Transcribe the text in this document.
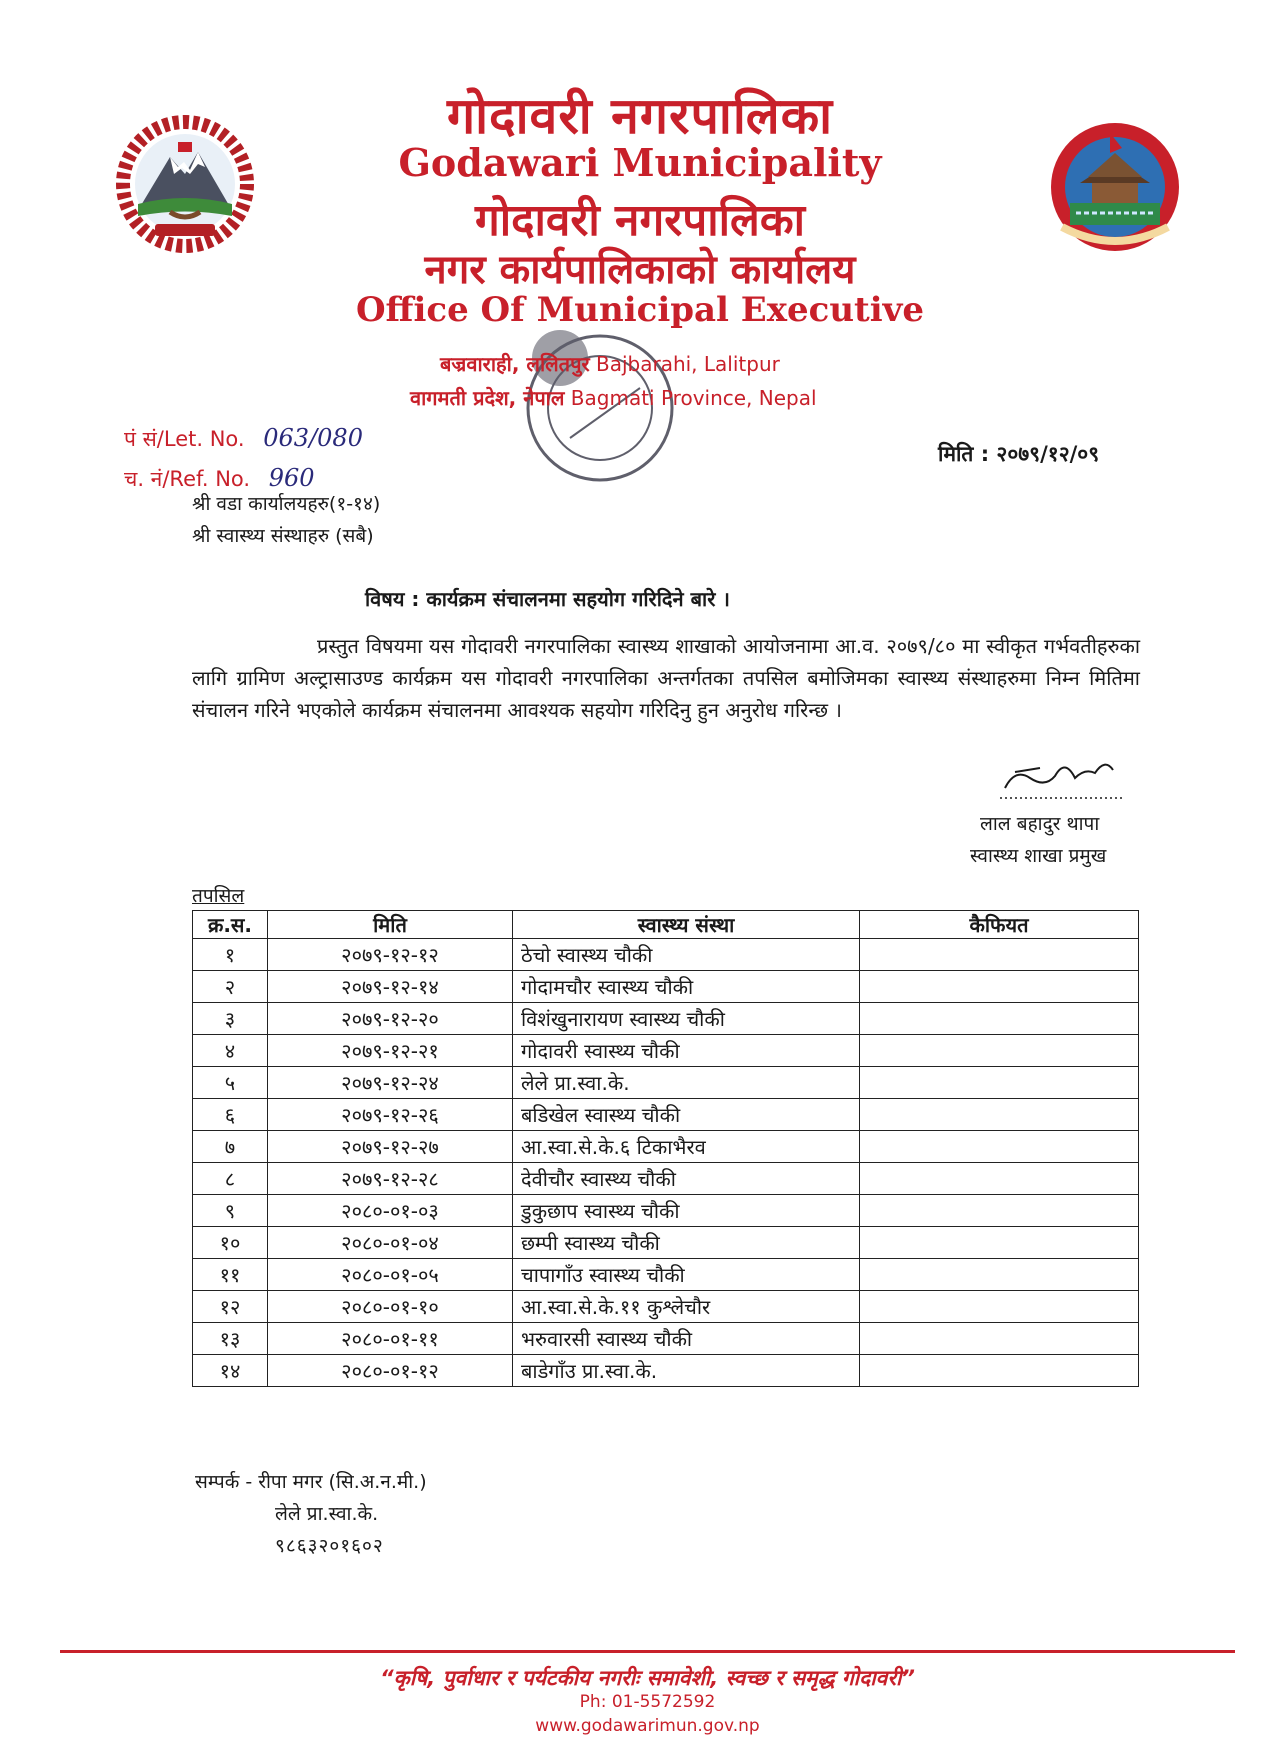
गोदावरी नगरपालिका
Godawari Municipality
गोदावरी नगरपालिका
नगर कार्यपालिकाको कार्यालय
Office Of Municipal Executive
बज्रवाराही, ललितपुर Bajbarahi, Lalitpur
वागमती प्रदेश, नेपाल Bagmati Province, Nepal
पं सं/Let. No. 063/080
च. नं/Ref. No. 960
मिति : २०७९/१२/०९
श्री वडा कार्यालयहरु(१-१४)
श्री स्वास्थ्य संस्थाहरु (सबै)
विषय : कार्यक्रम संचालनमा सहयोग गरिदिने बारे ।
प्रस्तुत विषयमा यस गोदावरी नगरपालिका स्वास्थ्य शाखाको आयोजनामा आ.व. २०७९/८० मा स्वीकृत गर्भवतीहरुका लागि ग्रामिण अल्ट्रासाउण्ड कार्यक्रम यस गोदावरी नगरपालिका अन्तर्गतका तपसिल बमोजिमका स्वास्थ्य संस्थाहरुमा निम्न मितिमा संचालन गरिने भएकोले कार्यक्रम संचालनमा आवश्यक सहयोग गरिदिनु हुन अनुरोध गरिन्छ ।
लाल बहादुर थापा
स्वास्थ्य शाखा प्रमुख
तपसिल
क्र.स.	मिति	स्वास्थ्य संस्था	कैफियत
१	२०७९-१२-१२	ठेचो स्वास्थ्य चौकी	
२	२०७९-१२-१४	गोदामचौर स्वास्थ्य चौकी	
३	२०७९-१२-२०	विशंखुनारायण स्वास्थ्य चौकी	
४	२०७९-१२-२१	गोदावरी स्वास्थ्य चौकी	
५	२०७९-१२-२४	लेले प्रा.स्वा.के.	
६	२०७९-१२-२६	बडिखेल स्वास्थ्य चौकी	
७	२०७९-१२-२७	आ.स्वा.से.के.६ टिकाभैरव	
८	२०७९-१२-२८	देवीचौर स्वास्थ्य चौकी	
९	२०८०-०१-०३	डुकुछाप स्वास्थ्य चौकी	
१०	२०८०-०१-०४	छम्पी स्वास्थ्य चौकी	
११	२०८०-०१-०५	चापागाँउ स्वास्थ्य चौकी	
१२	२०८०-०१-१०	आ.स्वा.से.के.११ कुश्लेचौर	
१३	२०८०-०१-११	भरुवारसी स्वास्थ्य चौकी	
१४	२०८०-०१-१२	बाडेगाँउ प्रा.स्वा.के.	
सम्पर्क - रीपा मगर (सि.अ.न.मी.)
लेले प्रा.स्वा.के.
९८६३२०१६०२
“कृषि, पुर्वाधार र पर्यटकीय नगरीः समावेशी, स्वच्छ र समृद्ध गोदावरी”
Ph: 01-5572592
www.godawarimun.gov.np
